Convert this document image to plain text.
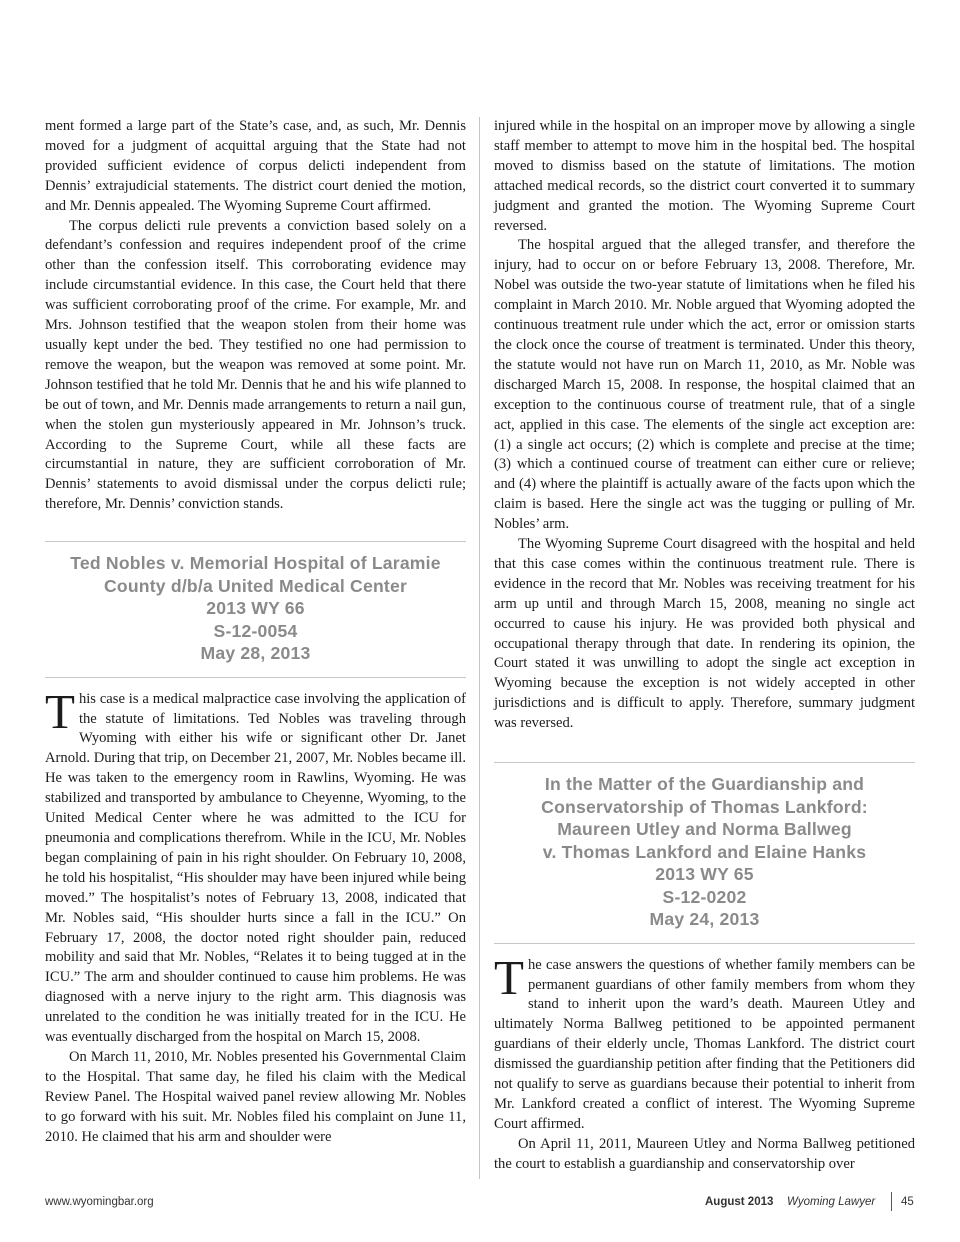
ment formed a large part of the State’s case, and, as such, Mr. Dennis moved for a judgment of acquittal arguing that the State had not provided sufficient evidence of corpus delicti independent from Dennis’ extrajudicial statements. The district court denied the motion, and Mr. Dennis appealed. The Wyoming Supreme Court affirmed.

The corpus delicti rule prevents a conviction based solely on a defendant’s confession and requires independent proof of the crime other than the confession itself. This corroborating evidence may include circumstantial evidence. In this case, the Court held that there was sufficient corroborating proof of the crime. For example, Mr. and Mrs. Johnson testified that the weapon stolen from their home was usually kept under the bed. They testified no one had permission to remove the weapon, but the weapon was removed at some point. Mr. Johnson testified that he told Mr. Dennis that he and his wife planned to be out of town, and Mr. Dennis made arrangements to return a nail gun, when the stolen gun mysteriously appeared in Mr. Johnson’s truck. According to the Supreme Court, while all these facts are circumstantial in nature, they are sufficient corroboration of Mr. Dennis’ statements to avoid dismissal under the corpus delicti rule; therefore, Mr. Dennis’ conviction stands.

Ted Nobles v. Memorial Hospital of Laramie
County d/b/a United Medical Center
2013 WY 66
S-12-0054
May 28, 2013
T his case is a medical malpractice case involving the application of the statute of limitations. Ted Nobles was traveling through Wyoming with either his wife or significant other Dr. Janet Arnold. During that trip, on December 21, 2007, Mr. Nobles became ill. He was taken to the emergency room in Rawlins, Wyoming. He was stabilized and transported by ambulance to Cheyenne, Wyoming, to the United Medical Center where he was admitted to the ICU for pneumonia and complications therefrom. While in the ICU, Mr. Nobles began complaining of pain in his right shoulder. On February 10, 2008, he told his hospitalist, “His shoulder may have been injured while being moved.” The hospitalist’s notes of February 13, 2008, indicated that Mr. Nobles said, “His shoulder hurts since a fall in the ICU.” On February 17, 2008, the doctor noted right shoulder pain, reduced mobility and said that Mr. Nobles, “Relates it to being tugged at in the ICU.” The arm and shoulder continued to cause him problems. He was diagnosed with a nerve injury to the right arm. This diagnosis was unrelated to the condition he was initially treated for in the ICU. He was eventually discharged from the hospital on March 15, 2008.

On March 11, 2010, Mr. Nobles presented his Governmental Claim to the Hospital. That same day, he filed his claim with the Medical Review Panel. The Hospital waived panel review allowing Mr. Nobles to go forward with his suit. Mr. Nobles filed his complaint on June 11, 2010. He claimed that his arm and shoulder were

injured while in the hospital on an improper move by allowing a single staff member to attempt to move him in the hospital bed. The hospital moved to dismiss based on the statute of limitations. The motion attached medical records, so the district court converted it to summary judgment and granted the motion. The Wyoming Supreme Court reversed.

The hospital argued that the alleged transfer, and therefore the injury, had to occur on or before February 13, 2008. Therefore, Mr. Nobel was outside the two-year statute of limitations when he filed his complaint in March 2010. Mr. Noble argued that Wyoming adopted the continuous treatment rule under which the act, error or omission starts the clock once the course of treatment is terminated. Under this theory, the statute would not have run on March 11, 2010, as Mr. Noble was discharged March 15, 2008. In response, the hospital claimed that an exception to the continuous course of treatment rule, that of a single act, applied in this case. The elements of the single act exception are: (1) a single act occurs; (2) which is complete and precise at the time; (3) which a continued course of treatment can either cure or relieve; and (4) where the plaintiff is actually aware of the facts upon which the claim is based. Here the single act was the tugging or pulling of Mr. Nobles’ arm.

The Wyoming Supreme Court disagreed with the hospital and held that this case comes within the continuous treatment rule. There is evidence in the record that Mr. Nobles was receiving treatment for his arm up until and through March 15, 2008, meaning no single act occurred to cause his injury. He was provided both physical and occupational therapy through that date. In rendering its opinion, the Court stated it was unwilling to adopt the single act exception in Wyoming because the exception is not widely accepted in other jurisdictions and is difficult to apply. Therefore, summary judgment was reversed.

In the Matter of the Guardianship and
Conservatorship of Thomas Lankford:
Maureen Utley and Norma Ballweg
v. Thomas Lankford and Elaine Hanks
2013 WY 65
S-12-0202
May 24, 2013
T he case answers the questions of whether family members can be permanent guardians of other family members from whom they stand to inherit upon the ward’s death. Maureen Utley and ultimately Norma Ballweg petitioned to be appointed permanent guardians of their elderly uncle, Thomas Lankford. The district court dismissed the guardianship petition after finding that the Petitioners did not qualify to serve as guardians because their potential to inherit from Mr. Lankford created a conflict of interest. The Wyoming Supreme Court affirmed.

On April 11, 2011, Maureen Utley and Norma Ballweg petitioned the court to establish a guardianship and conservatorship over

www.wyomingbar.org	August 2013 Wyoming Lawyer 45
